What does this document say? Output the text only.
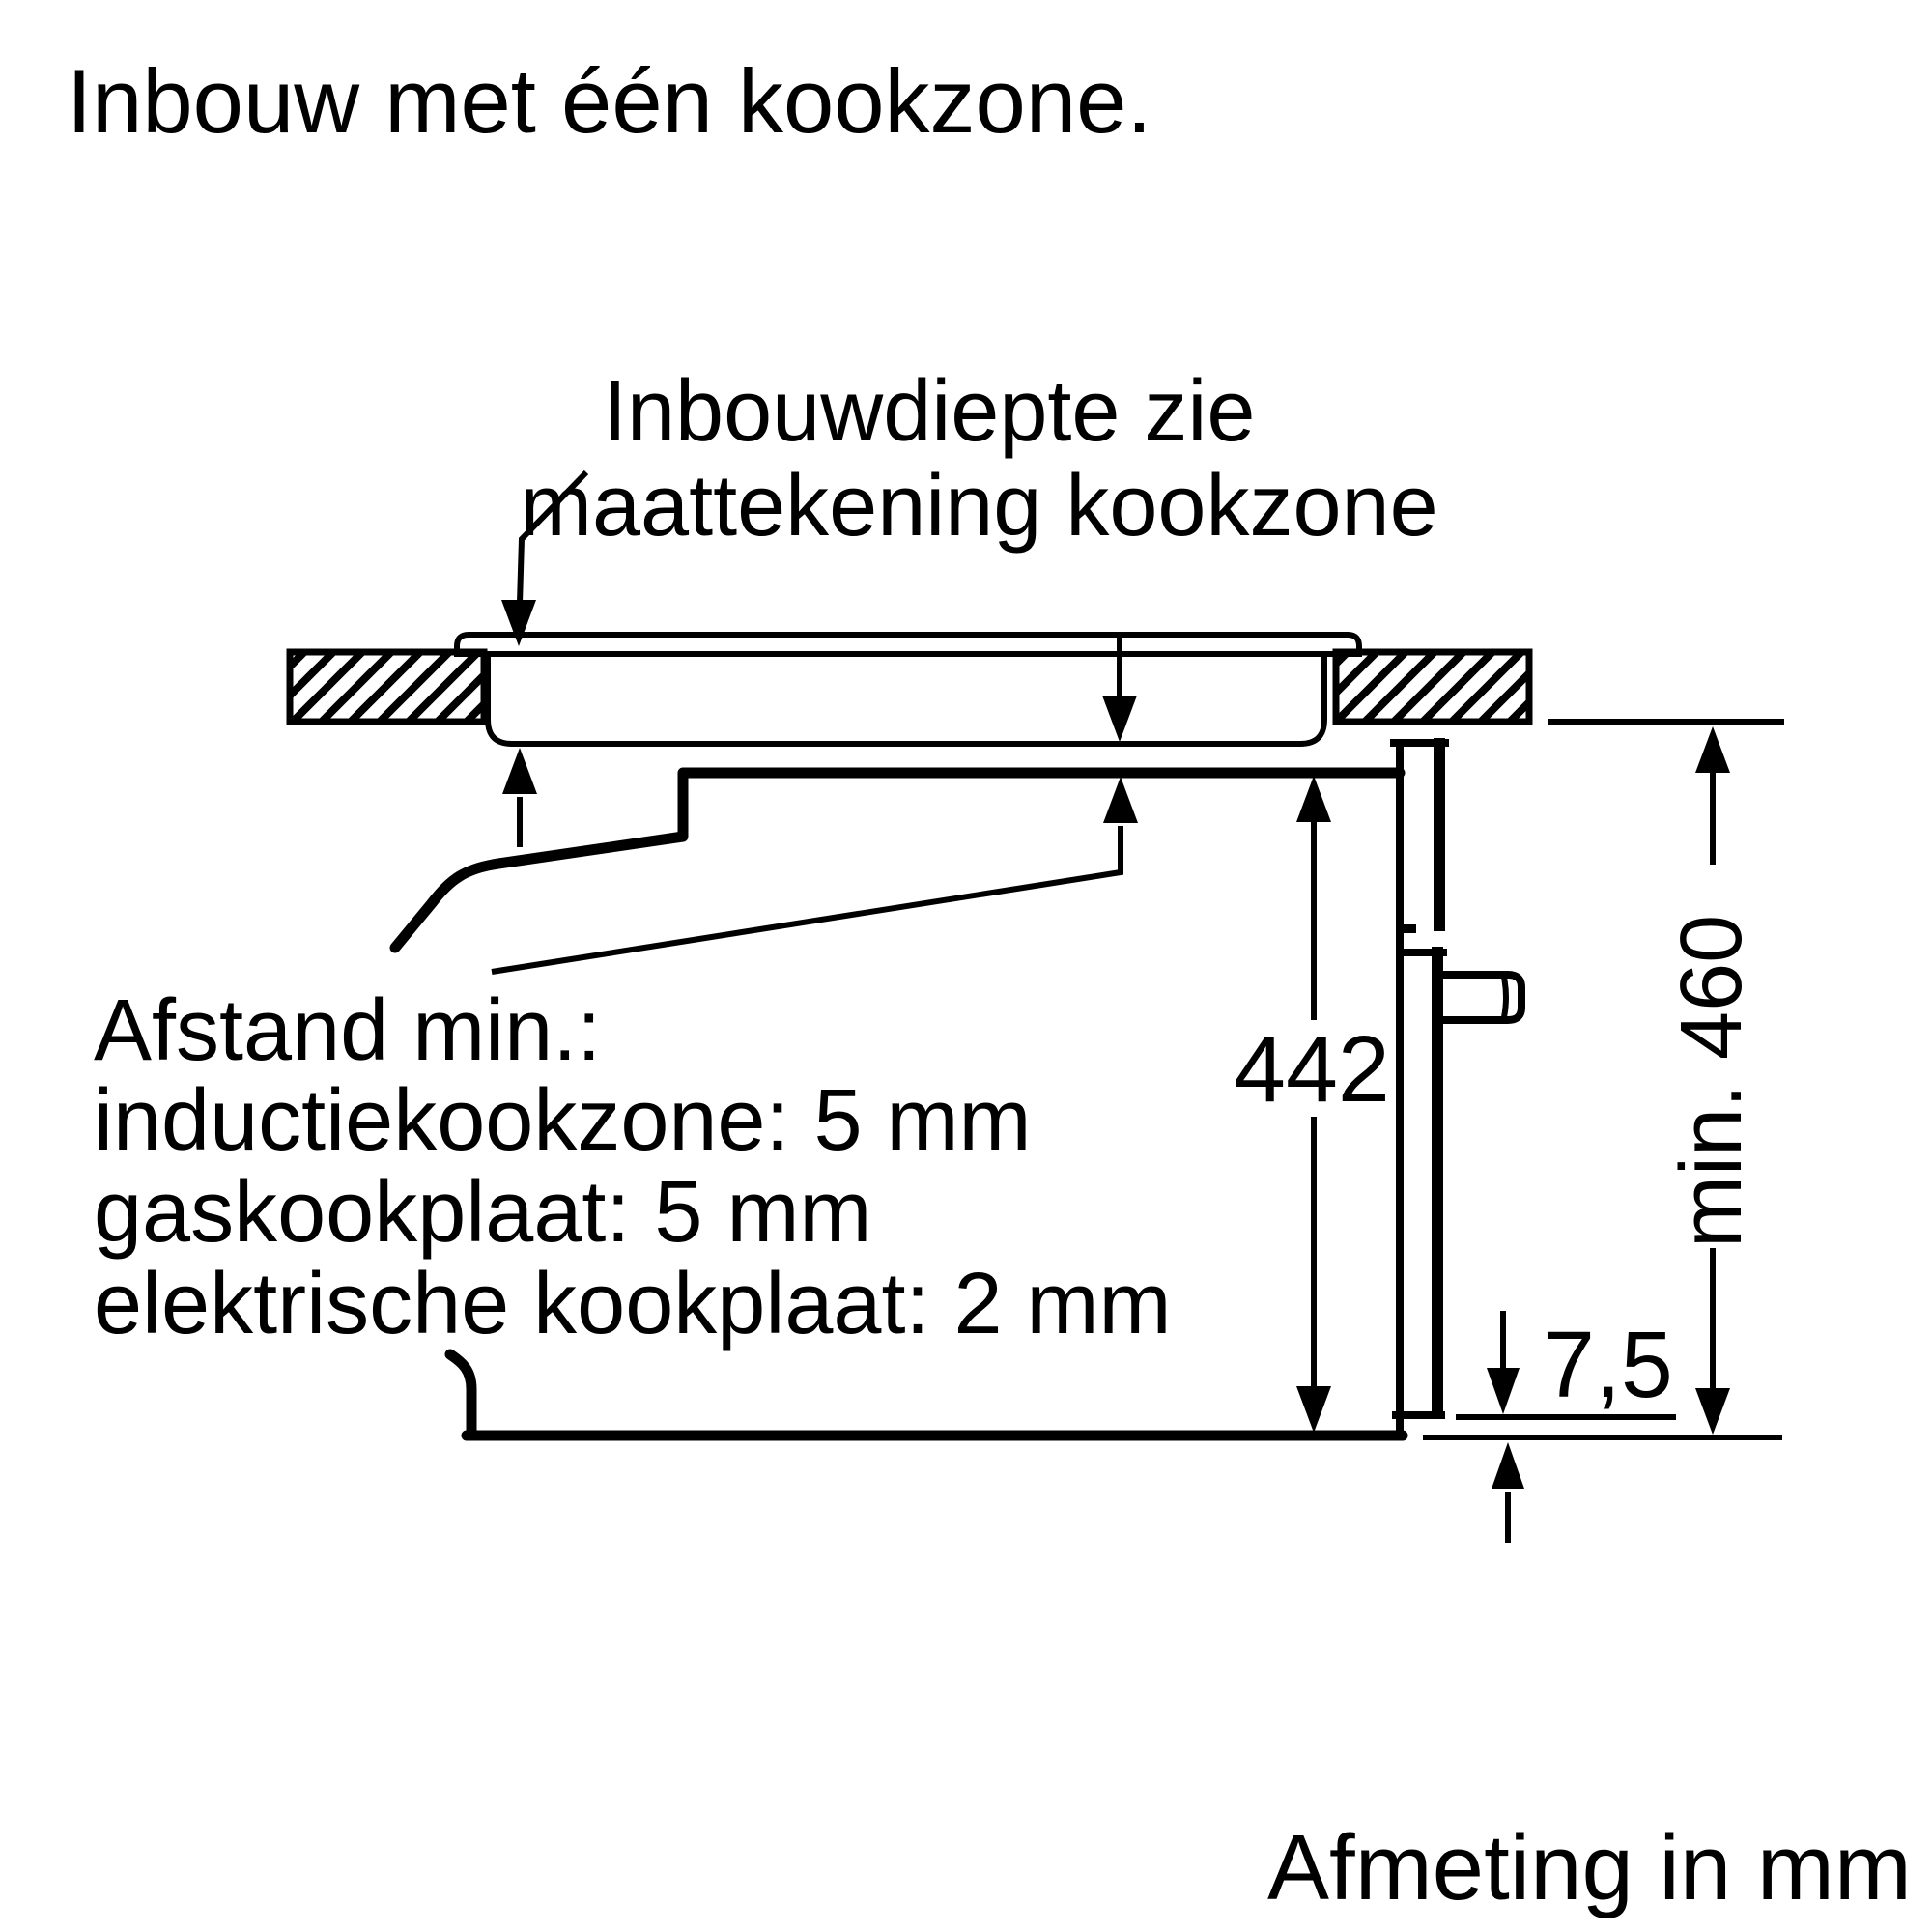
Inbouw met één kookzone.
Inbouwdiepte zie
maattekening kookzone
Afstand min.:
inductiekookzone: 5 mm
gaskookplaat: 5 mm
elektrische kookplaat: 2 mm
442	min. 460
7,5
Afmeting in mm
